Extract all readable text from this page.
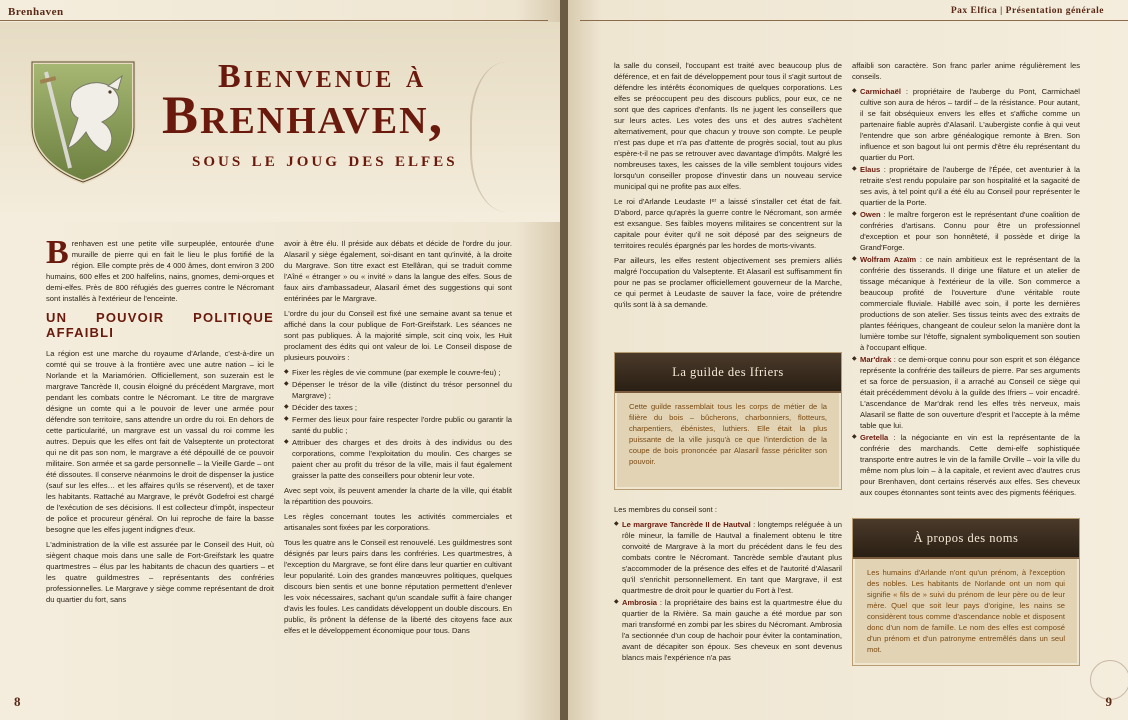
Brenhaven
Bienvenue à
Brenhaven,
sous le joug des elfes

Brenhaven est une petite ville surpeuplée, entourée d'une muraille de pierre qui en fait le lieu le plus fortifié de la région. Elle compte près de 4 000 âmes, dont environ 3 200 humains, 600 elfes et 200 halfelins, nains, gnomes, demi-orques et demi-elfes. Près de 800 réfugiés des guerres contre le Nécromant sont installés à l'extérieur de l'enceinte.

UN POUVOIR POLITIQUE AFFAIBLI

La région est une marche du royaume d'Arlande, c'est-à-dire un comté qui se trouve à la frontière avec une autre nation – ici le Norlande et la Mariamórien. Officiellement, son suzerain est le margrave Tancrède II, cousin éloigné du précédent Margrave, mort pendant les combats contre le Nécromant. Le titre de margrave désigne un comte qui a le pouvoir de lever une armée pour défendre son territoire, sans attendre un ordre du roi. En dehors de cette particularité, un margrave est un vassal du roi comme les autres. Depuis que les elfes ont fait de Valseptente un protectorat qui ne dit pas son nom, le margrave a été dépouillé de ce pouvoir militaire. Son armée et sa garde personnelle – la Vieille Garde – ont été dissoutes. Il conserve néanmoins le droit de dispenser la justice (sauf sur les elfes… et les affaires qu'ils se réservent), et de taxer les habitants. Rattaché au Margrave, le prévôt Godefroi est chargé de l'exécution de ses décisions. Il est collecteur d'impôt, inspecteur de police et procureur général. On lui reproche de faire la basse besogne que les elfes jugent indignes d'eux.

L'administration de la ville est assurée par le Conseil des Huit, où siègent chaque mois dans une salle de Fort-Greifstark les quatre quartmestres – élus par les habitants de chacun des quartiers – et les quatre guildmestres – représentants des confréries professionnelles. Le Margrave y siège comme représentant de droit du quartier du fort, sans

avoir à être élu. Il préside aux débats et décide de l'ordre du jour. Alasaril y siège également, soi-disant en tant qu'invité, à la droite du Margrave. Son titre exact est Etellâran, qui se traduit comme l'Aîné « étranger » ou « invité » dans la langue des elfes. Sous de faux airs d'ambassadeur, Alasaril émet des suggestions qui sont entérinées par le Margrave.

L'ordre du jour du Conseil est fixé une semaine avant sa tenue et affiché dans la cour publique de Fort-Greifstark. Les séances ne sont pas publiques. À la majorité simple, scit cinq voix, les Huit proclament des édits qui ont valeur de loi. Le Conseil dispose de plusieurs pouvoirs :

◆ Fixer les règles de vie commune (par exemple le couvre-feu) ;
◆ Dépenser le trésor de la ville (distinct du trésor personnel du Margrave) ;
◆ Décider des taxes ;
◆ Fermer des lieux pour faire respecter l'ordre public ou garantir la santé du public ;
◆ Attribuer des charges et des droits à des individus ou des corporations, comme l'exploitation du moulin. Ces charges se paient cher au profit du trésor de la ville, mais il faut également graisser la patte des conseillers pour obtenir leur vote.

Avec sept voix, ils peuvent amender la charte de la ville, qui établit la répartition des pouvoirs.

Les règles concernant toutes les activités commerciales et artisanales sont fixées par les corporations.

Tous les quatre ans le Conseil est renouvelé. Les guildmestres sont désignés par leurs pairs dans les confréries. Les quartmestres, à l'exception du Margrave, se font élire dans leur quartier en cultivant leur popularité. Loin des grandes manœuvres politiques, quelques discours bien sentis et une bonne réputation permettent d'enlever les voix nécessaires, sachant qu'un scandale suffit à faire changer d'avis les foules. Les candidats développent un double discours. En public, ils prônent la défense de la liberté des citoyens face aux elfes et le développement économique pour tous. Dans

8
Pax Elfica | Présentation générale

la salle du conseil, l'occupant est traité avec beaucoup plus de déférence, et en fait de développement pour tous il s'agit surtout de défendre les intérêts économiques de quelques corporations. Les elfes se préoccupent peu des discours publics, pour eux, ce ne sont que des caprices d'enfants. Ils ne jugent les conseillers que sur leurs actes. Les votes des uns et des autres s'achètent alternativement, pour que chacun y trouve son compte. Le peuple n'est pas dupe et n'a pas d'attente de progrès social, tout au plus espère-t-il ne pas se retrouver avec davantage d'impôts. Malgré les nombreuses taxes, les caisses de la ville semblent toujours vides lorsqu'un conseiller propose d'investir dans un nouveau service municipal qui ne profite pas aux elfes.

Le roi d'Arlande Leudaste Iᵉʳ a laissé s'installer cet état de fait. D'abord, parce qu'après la guerre contre le Nécromant, son armée est exsangue. Ses faibles moyens militaires se concentrent sur la capitale pour éviter qu'il ne soit déposé par des seigneurs de territoires reculés épargnés par les hordes de morts-vivants.

Par ailleurs, les elfes restent objectivement ses premiers alliés malgré l'occupation du Valseptente. Et Alasaril est suffisamment fin pour ne pas se proclamer officiellement gouverneur de la Marche, ce qui permet à Leudaste de sauver la face, voire de prétendre qu'ils sont là à sa demande.

La guilde des Ifriers
Cette guilde rassemblait tous les corps de métier de la filière du bois – bûcherons, charbonniers, flotteurs, charpentiers, ébénistes, luthiers. Elle était la plus puissante de la ville jusqu'à ce que l'interdiction de la coupe de bois prononcée par Alasaril fasse péricliter son pouvoir.

Les membres du conseil sont :

◆ Le margrave Tancrède II de Hautval : longtemps reléguée à un rôle mineur, la famille de Hautval a finalement obtenu le titre convoité de Margrave à la mort du précédent dans le feu des combats contre le Nécromant. Tancrède semble d'autant plus s'accommoder de la présence des elfes et de l'autorité d'Alasaril qu'il s'enrichit personnellement. En tant que Margrave, il est quartmestre de droit pour le quartier du Fort à l'est.
◆ Ambrosia : la propriétaire des bains est la quartmestre élue du quartier de la Rivière. Sa main gauche a été mordue par son mari transformé en zombi par les sbires du Nécromant. Ambrosia l'a sectionnée d'un coup de hachoir pour éviter la contamination, avant de décapiter son époux. Ses cheveux en sont devenus blancs mais l'expérience n'a pas

affaibli son caractère. Son franc parler anime régulièrement les conseils.

◆ Carmichaël : propriétaire de l'auberge du Pont, Carmichaël cultive son aura de héros – tardif – de la résistance. Pour autant, il se fait obséquieux envers les elfes et s'affiche comme un partenaire fiable auprès d'Alasaril. L'aubergiste confie à qui veut l'entendre que son arbre généalogique remonte à Bren. Son influence et son bagout lui ont permis d'être élu représentant du quartier du Port.
◆ Elaus : propriétaire de l'auberge de l'Épée, cet aventurier à la retraite s'est rendu populaire par son hospitalité et la sagacité de ses avis, à tel point qu'il a été élu au Conseil pour représenter le quartier de la Porte.
◆ Owen : le maître forgeron est le représentant d'une coalition de confréries d'artisans. Connu pour être un professionnel d'exception et pour son honnêteté, il possède et dirige la Grand'Forge.
◆ Wolfram Azaïm : ce nain ambitieux est le représentant de la confrérie des tisserands. Il dirige une filature et un atelier de tissage mécanique à l'extérieur de la ville. Son commerce a beaucoup profité de l'ouverture d'une véritable route commerciale fluviale. Habillé avec soin, il porte les dernières productions de son atelier. Ses tissus teints avec des extraits de plantes féériques, changeant de couleur selon la manière dont la lumière tombe sur l'étoffe, signalent symboliquement son soutien à l'occupant elfique.
◆ Mar'drak : ce demi-orque connu pour son esprit et son élégance représente la confrérie des tailleurs de pierre. Par ses arguments et sa force de persuasion, il a arraché au Conseil ce siège qui était précédemment dévolu à la guilde des Ifriers – voir encadré. L'ascendance de Mar'drak rend les elfes très nerveux, mais Alasaril se flatte de son ouverture d'esprit et l'accepte à la même table que lui.
◆ Gretella : la négociante en vin est la représentante de la confrérie des marchands. Cette demi-elfe sophistiquée transporte entre autres le vin de la famille Orville – voir la ville du même nom plus loin – à la capitale, et revient avec d'autres crus pour Brenhaven, dont certains réservés aux elfes. Ses cheveux aux coupes étonnantes sont teints avec des pigments féériques.
À propos des noms
Les humains d'Arlande n'ont qu'un prénom, à l'exception des nobles. Les habitants de Norlande ont un nom qui signifie « fils de » suivi du prénom de leur père ou de leur mère. Quel que soit leur pays d'origine, les nains se considèrent tous comme d'ascendance noble et disposent donc d'un nom de famille. Le nom des elfes est composé d'un prénom et d'un patronyme entremêlés dans un seul mot.
9
